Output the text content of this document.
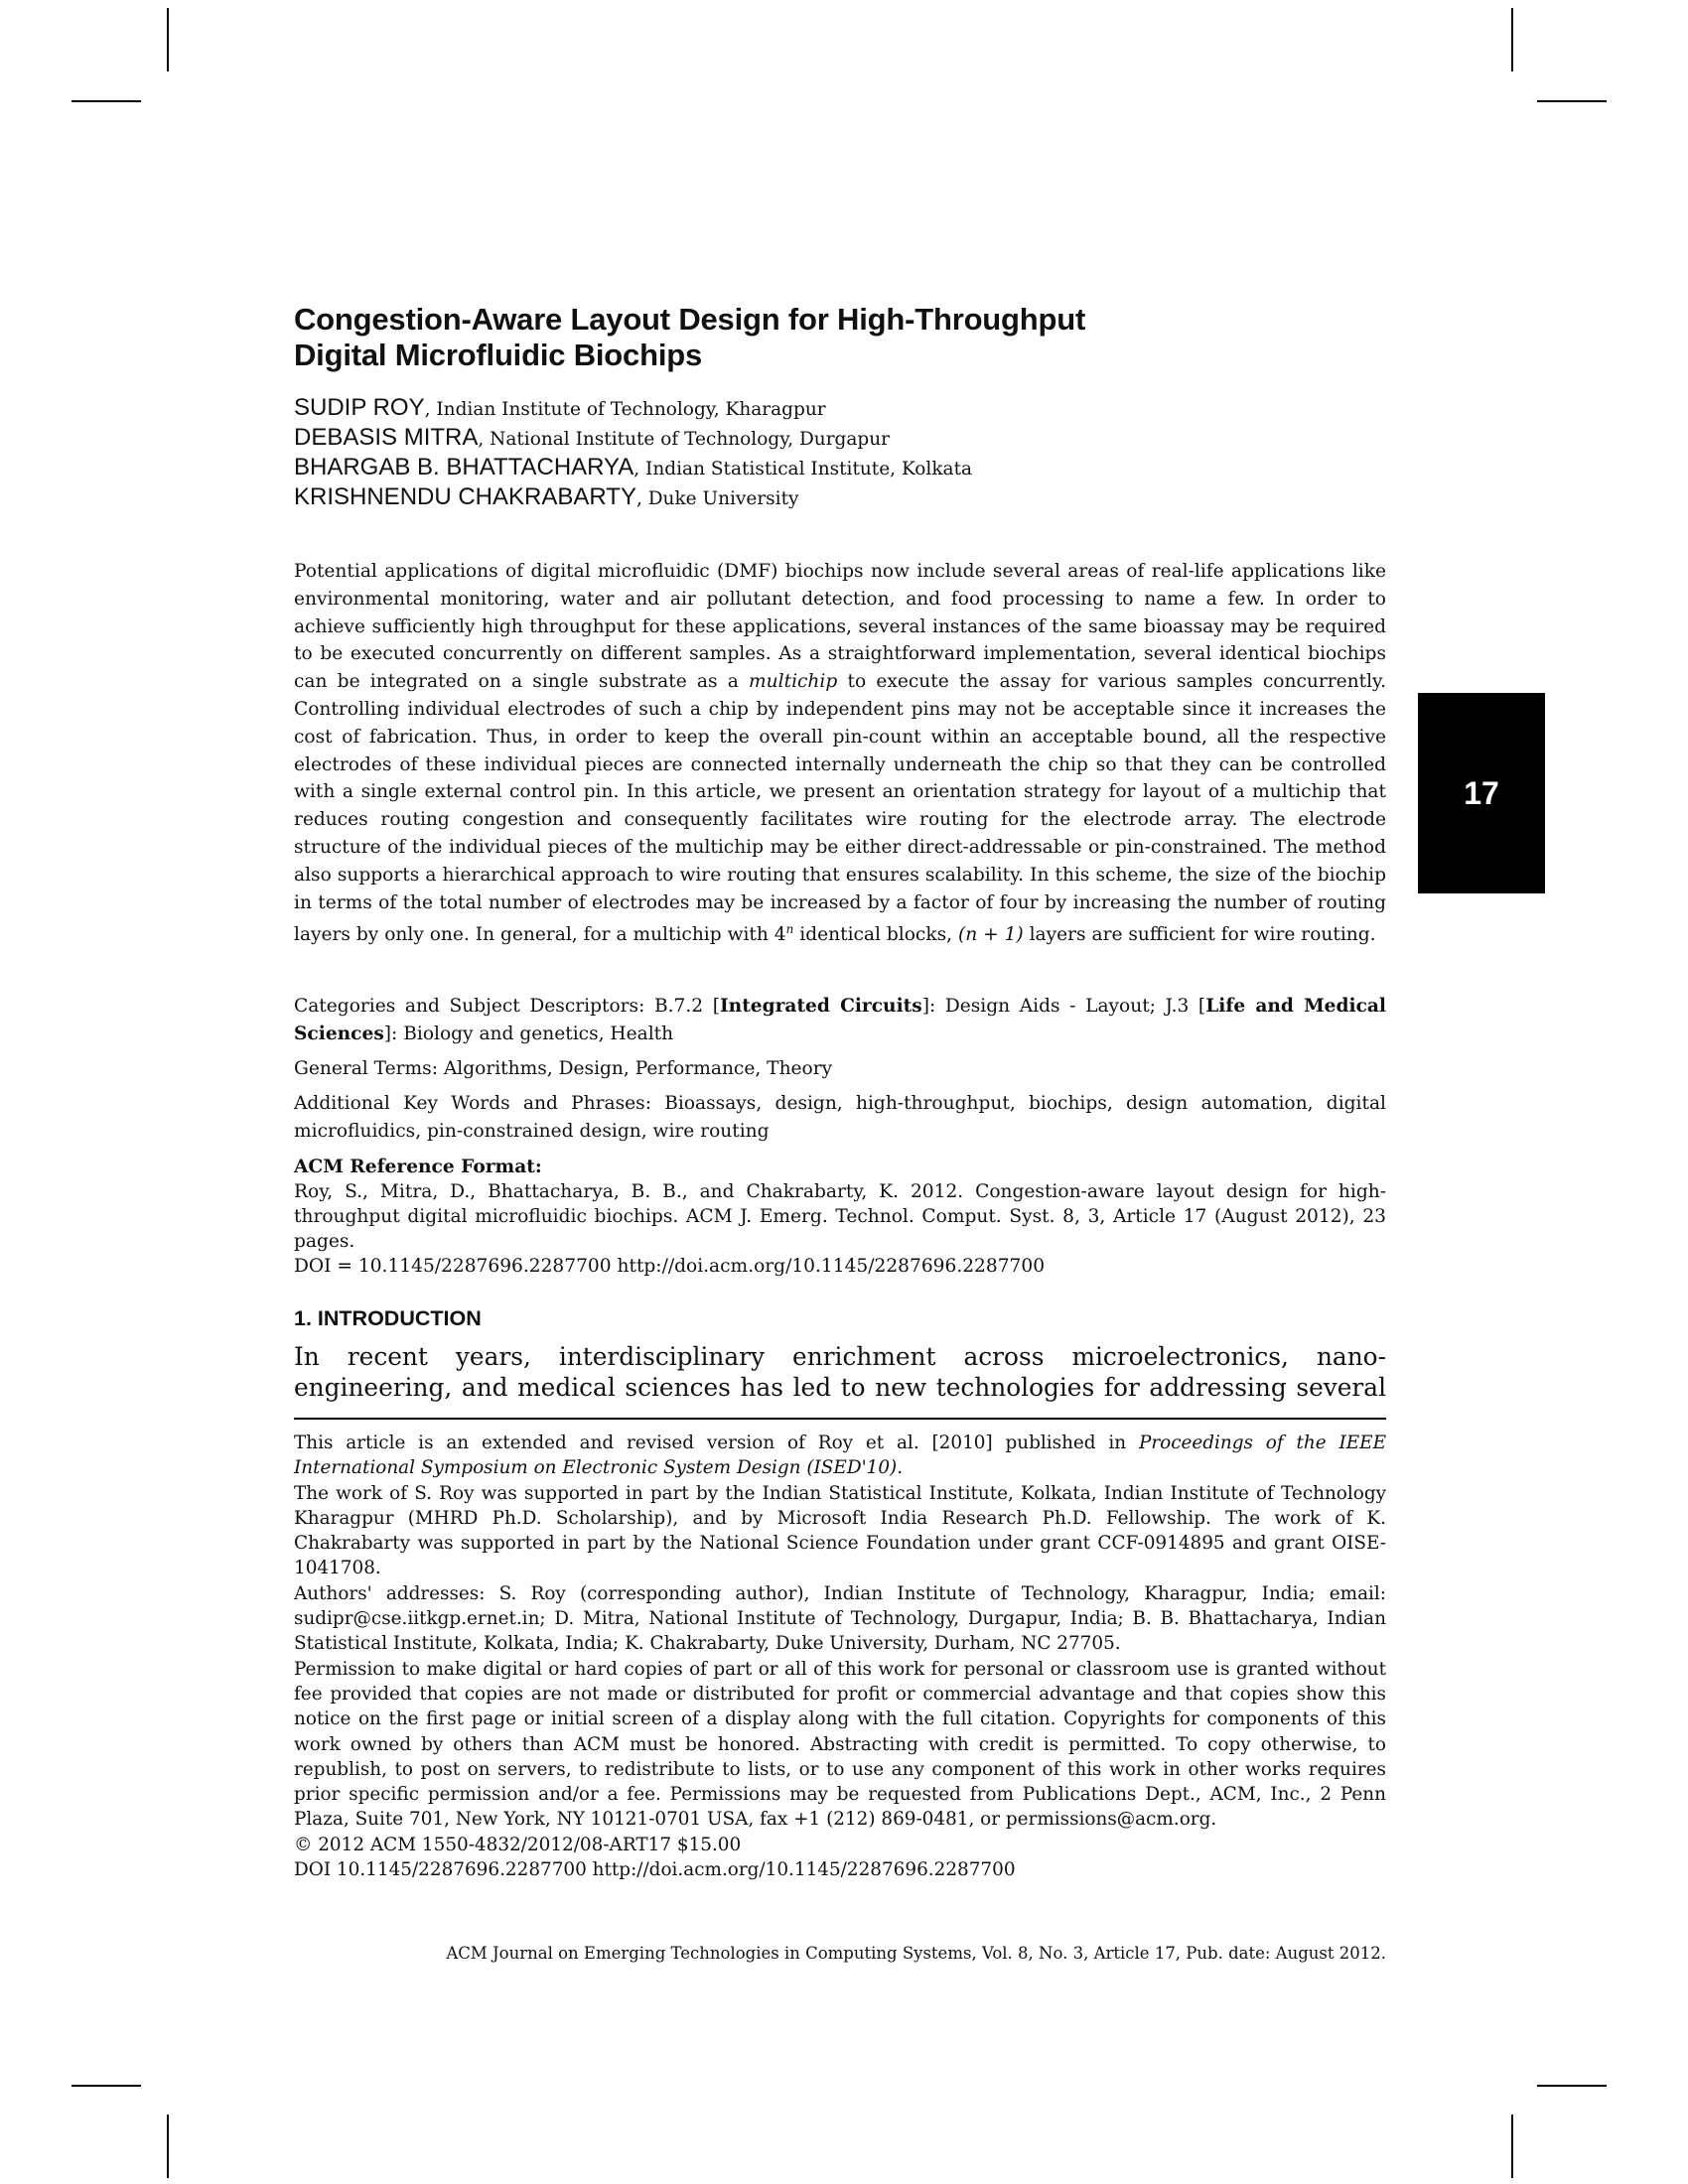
Congestion-Aware Layout Design for High-Throughput
Digital Microfluidic Biochips
SUDIP ROY, Indian Institute of Technology, Kharagpur
DEBASIS MITRA, National Institute of Technology, Durgapur
BHARGAB B. BHATTACHARYA, Indian Statistical Institute, Kolkata
KRISHNENDU CHAKRABARTY, Duke University

Potential applications of digital microfluidic (DMF) biochips now include several areas of real-life applications like environmental monitoring, water and air pollutant detection, and food processing to name a few. In order to achieve sufficiently high throughput for these applications, several instances of the same bioassay may be required to be executed concurrently on different samples. As a straightforward implementation, several identical biochips can be integrated on a single substrate as a multichip to execute the assay for various samples concurrently. Controlling individual electrodes of such a chip by independent pins may not be acceptable since it increases the cost of fabrication. Thus, in order to keep the overall pin-count within an acceptable bound, all the respective electrodes of these individual pieces are connected internally underneath the chip so that they can be controlled with a single external control pin. In this article, we present an orientation strategy for layout of a multichip that reduces routing congestion and consequently facilitates wire routing for the electrode array. The electrode structure of the individual pieces of the multichip may be either direct-addressable or pin-constrained. The method also supports a hierarchical approach to wire routing that ensures scalability. In this scheme, the size of the biochip in terms of the total number of electrodes may be increased by a factor of four by increasing the number of routing layers by only one. In general, for a multichip with 4$^n$ identical blocks, (n + 1) layers are sufficient for wire routing.

Categories and Subject Descriptors: B.7.2 [Integrated Circuits]: Design Aids - Layout; J.3 [Life and Medical Sciences]: Biology and genetics, Health

General Terms: Algorithms, Design, Performance, Theory

Additional Key Words and Phrases: Bioassays, design, high-throughput, biochips, design automation, digital microfluidics, pin-constrained design, wire routing

ACM Reference Format:
Roy, S., Mitra, D., Bhattacharya, B. B., and Chakrabarty, K. 2012. Congestion-aware layout design for high-throughput digital microfluidic biochips. ACM J. Emerg. Technol. Comput. Syst. 8, 3, Article 17 (August 2012), 23 pages.
DOI = 10.1145/2287696.2287700 http://doi.acm.org/10.1145/2287696.2287700
1. INTRODUCTION

In recent years, interdisciplinary enrichment across microelectronics, nano-engineering, and medical sciences has led to new technologies for addressing several

This article is an extended and revised version of Roy et al. [2010] published in Proceedings of the IEEE International Symposium on Electronic System Design (ISED'10).

The work of S. Roy was supported in part by the Indian Statistical Institute, Kolkata, Indian Institute of Technology Kharagpur (MHRD Ph.D. Scholarship), and by Microsoft India Research Ph.D. Fellowship. The work of K. Chakrabarty was supported in part by the National Science Foundation under grant CCF-0914895 and grant OISE-1041708.

Authors' addresses: S. Roy (corresponding author), Indian Institute of Technology, Kharagpur, India; email: sudipr@cse.iitkgp.ernet.in; D. Mitra, National Institute of Technology, Durgapur, India; B. B. Bhattacharya, Indian Statistical Institute, Kolkata, India; K. Chakrabarty, Duke University, Durham, NC 27705.

Permission to make digital or hard copies of part or all of this work for personal or classroom use is granted without fee provided that copies are not made or distributed for profit or commercial advantage and that copies show this notice on the first page or initial screen of a display along with the full citation. Copyrights for components of this work owned by others than ACM must be honored. Abstracting with credit is permitted. To copy otherwise, to republish, to post on servers, to redistribute to lists, or to use any component of this work in other works requires prior specific permission and/or a fee. Permissions may be requested from Publications Dept., ACM, Inc., 2 Penn Plaza, Suite 701, New York, NY 10121-0701 USA, fax +1 (212) 869-0481, or permissions@acm.org.

© 2012 ACM 1550-4832/2012/08-ART17 $15.00

DOI 10.1145/2287696.2287700 http://doi.acm.org/10.1145/2287696.2287700

ACM Journal on Emerging Technologies in Computing Systems, Vol. 8, No. 3, Article 17, Pub. date: August 2012.
17
